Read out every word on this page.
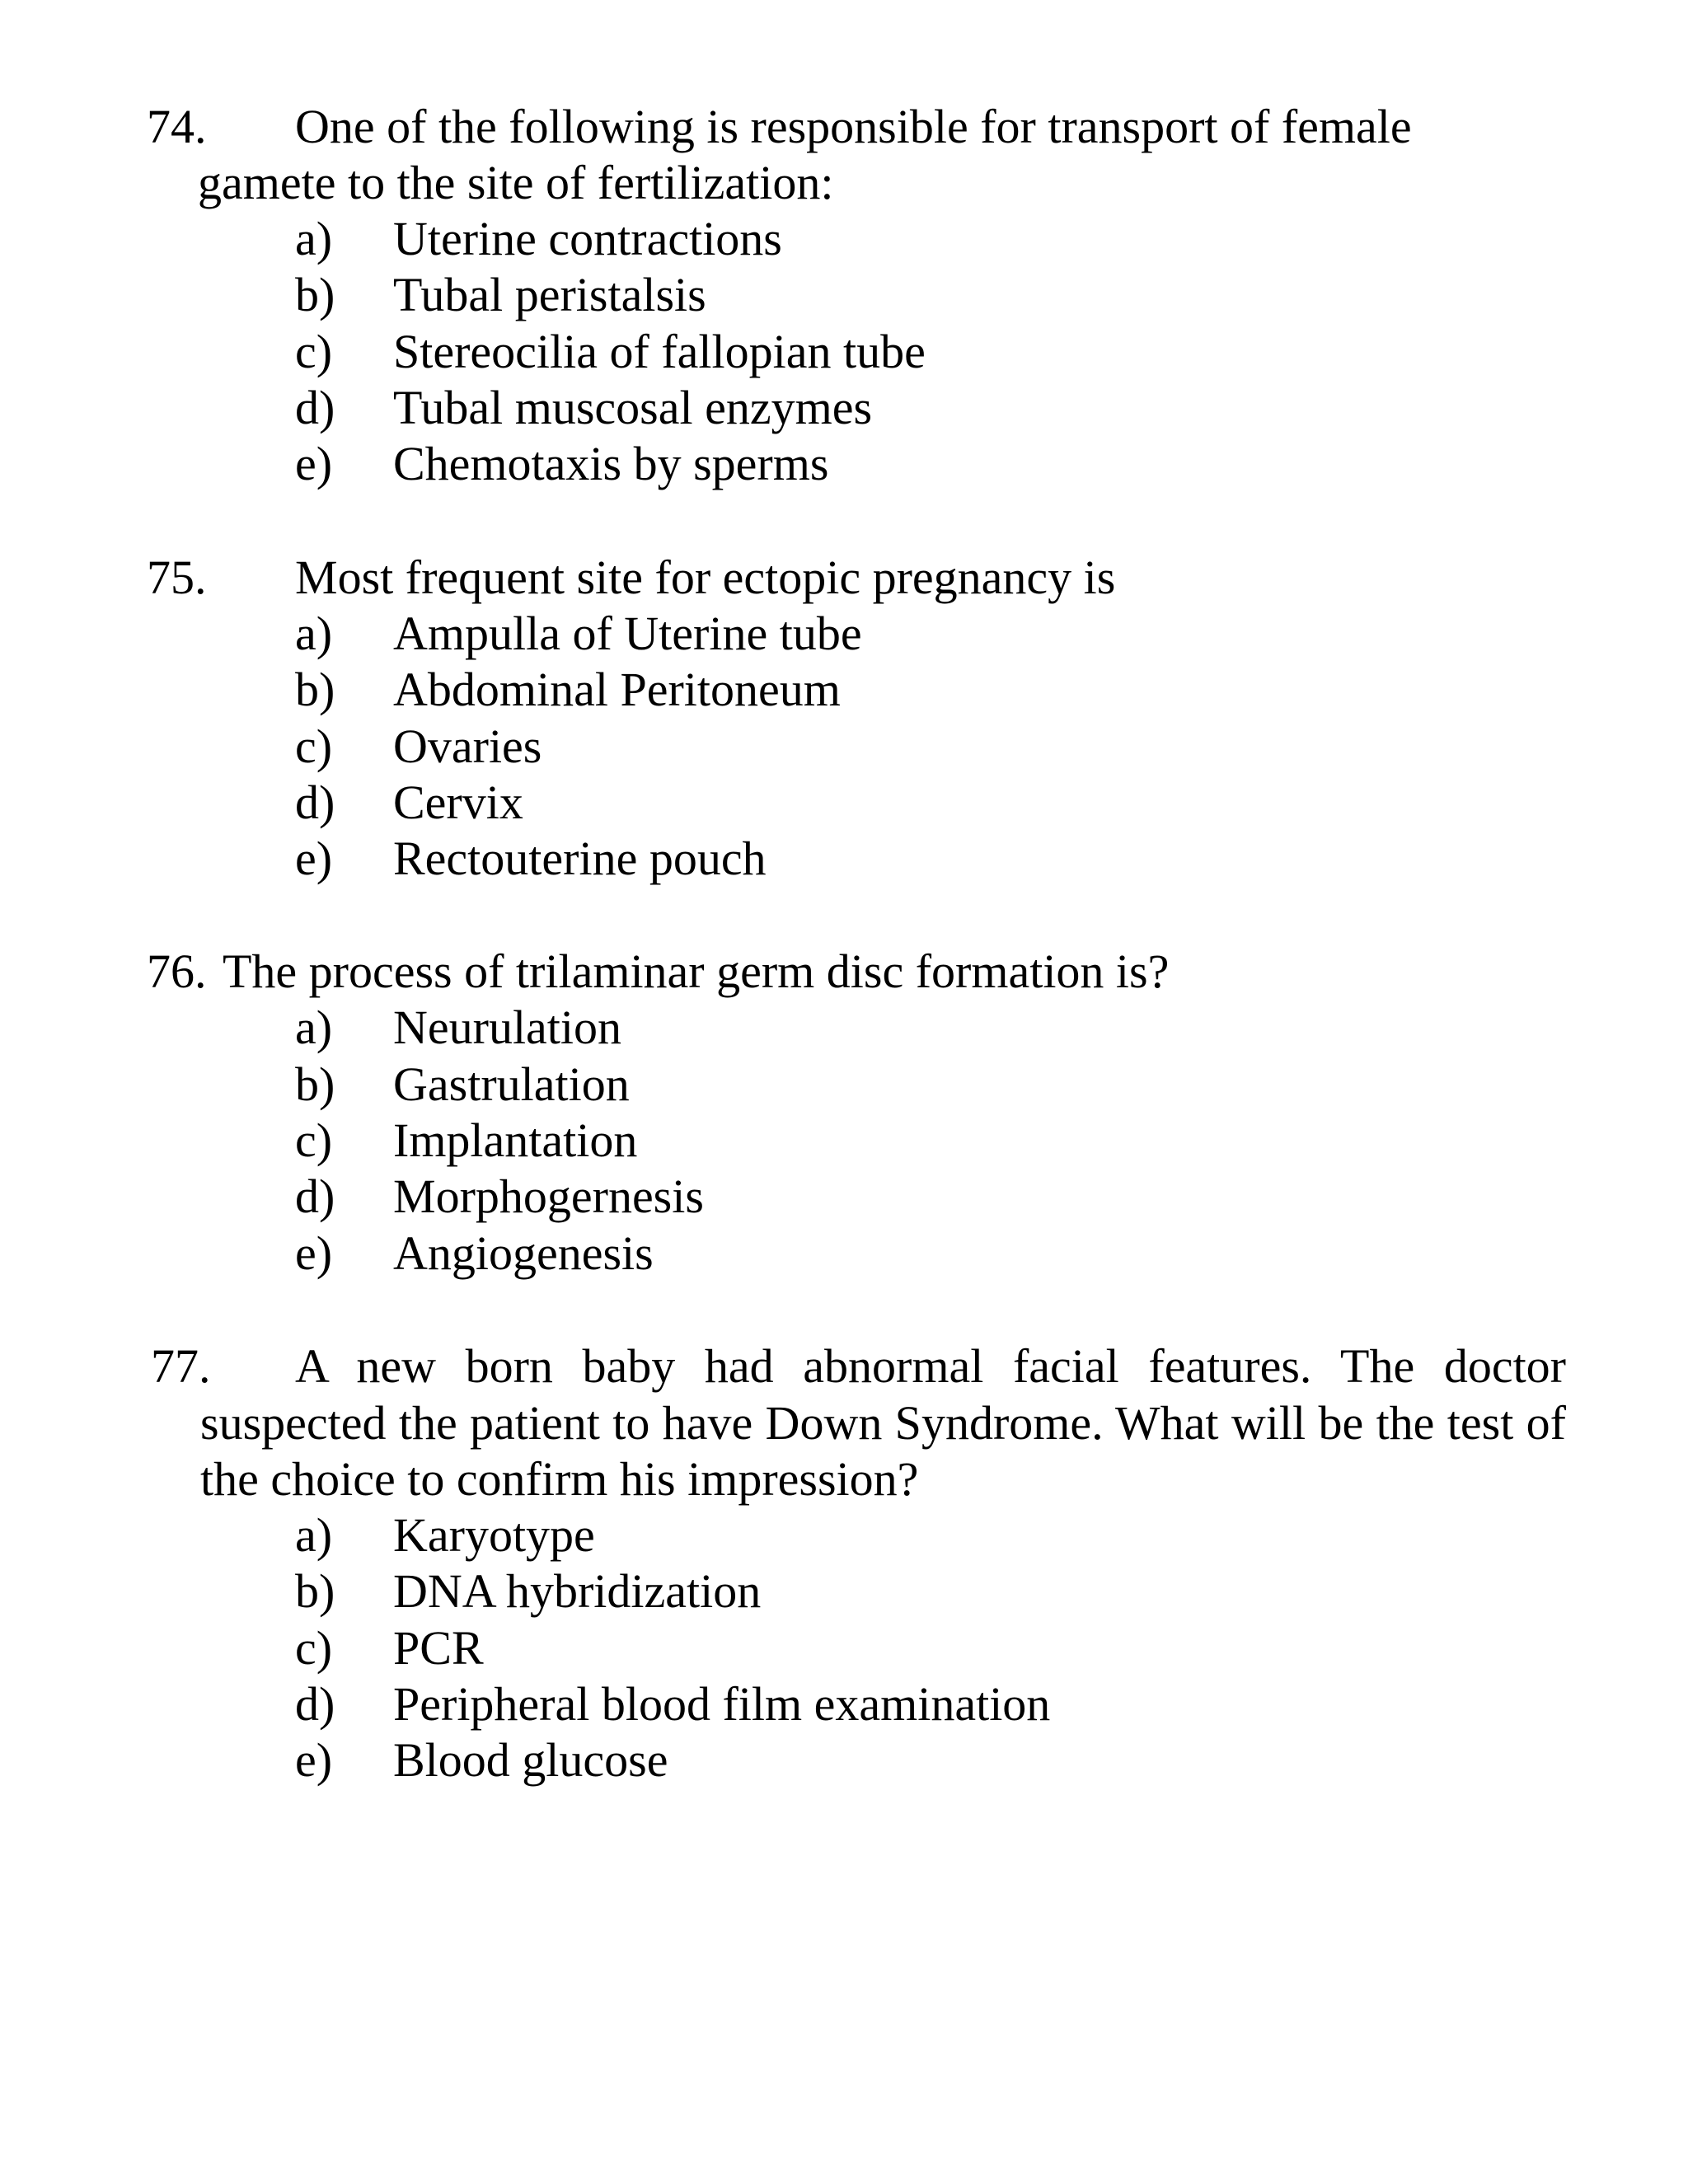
74. One of the following is responsible for transport of female
gamete to the site of fertilization:
a) Uterine contractions
b) Tubal peristalsis
c) Stereocilia of fallopian tube
d) Tubal muscosal enzymes
e) Chemotaxis by sperms
75. Most frequent site for ectopic pregnancy is
a) Ampulla of Uterine tube
b) Abdominal Peritoneum
c) Ovaries
d) Cervix
e) Rectouterine pouch
76. The process of trilaminar germ disc formation is?
a) Neurulation
b) Gastrulation
c) Implantation
d) Morphogernesis
e) Angiogenesis
77.	A new born baby had abnormal facial features. The doctor suspected the patient to have Down Syndrome. What will be the test of the choice to confirm his impression?
a) Karyotype
b) DNA hybridization
c) PCR
d) Peripheral blood film examination
e) Blood glucose
